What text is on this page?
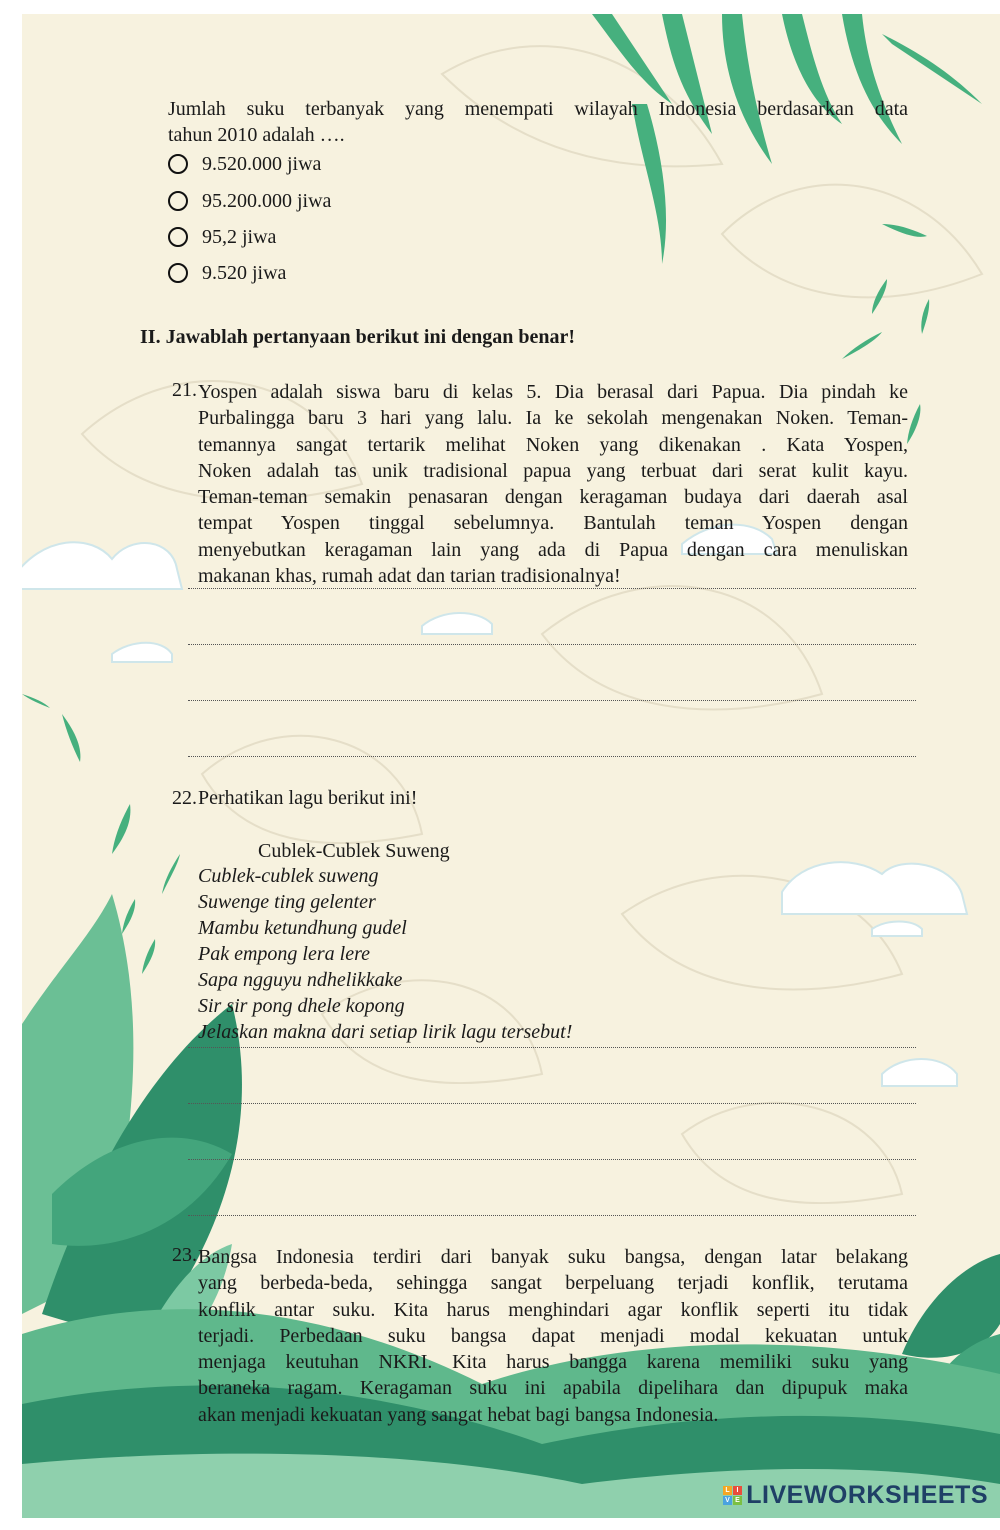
Jumlah suku terbanyak yang menempati wilayah Indonesia berdasarkan data
tahun 2010 adalah ….
9.520.000 jiwa
95.200.000 jiwa
95,2 jiwa
9.520 jiwa
II. Jawablah pertanyaan berikut ini dengan benar!
21. Yospen adalah siswa baru di kelas 5. Dia berasal dari Papua. Dia pindah ke
Purbalingga baru 3 hari yang lalu. Ia ke sekolah mengenakan Noken. Teman-
temannya sangat tertarik melihat Noken yang dikenakan . Kata Yospen,
Noken adalah tas unik tradisional papua yang terbuat dari serat kulit kayu.
Teman-teman semakin penasaran dengan keragaman budaya dari daerah asal
tempat Yospen tinggal sebelumnya. Bantulah teman Yospen dengan
menyebutkan keragaman lain yang ada di Papua dengan cara menuliskan
makanan khas, rumah adat dan tarian tradisionalnya!
22. Perhatikan lagu berikut ini!
Cublek-Cublek Suweng
Cublek-cublek suweng
Suwenge ting gelenter
Mambu ketundhung gudel
Pak empong lera lere
Sapa ngguyu ndhelikkake
Sir sir pong dhele kopong
Jelaskan makna dari setiap lirik lagu tersebut!
23. Bangsa Indonesia terdiri dari banyak suku bangsa, dengan latar belakang
yang berbeda-beda, sehingga sangat berpeluang terjadi konflik, terutama
konflik antar suku. Kita harus menghindari agar konflik seperti itu tidak
terjadi. Perbedaan suku bangsa dapat menjadi modal kekuatan untuk
menjaga keutuhan NKRI. Kita harus bangga karena memiliki suku yang
beraneka ragam. Keragaman suku ini apabila dipelihara dan dipupuk maka
akan menjadi kekuatan yang sangat hebat bagi bangsa Indonesia.
L I
V E LIVEWORKSHEETS
